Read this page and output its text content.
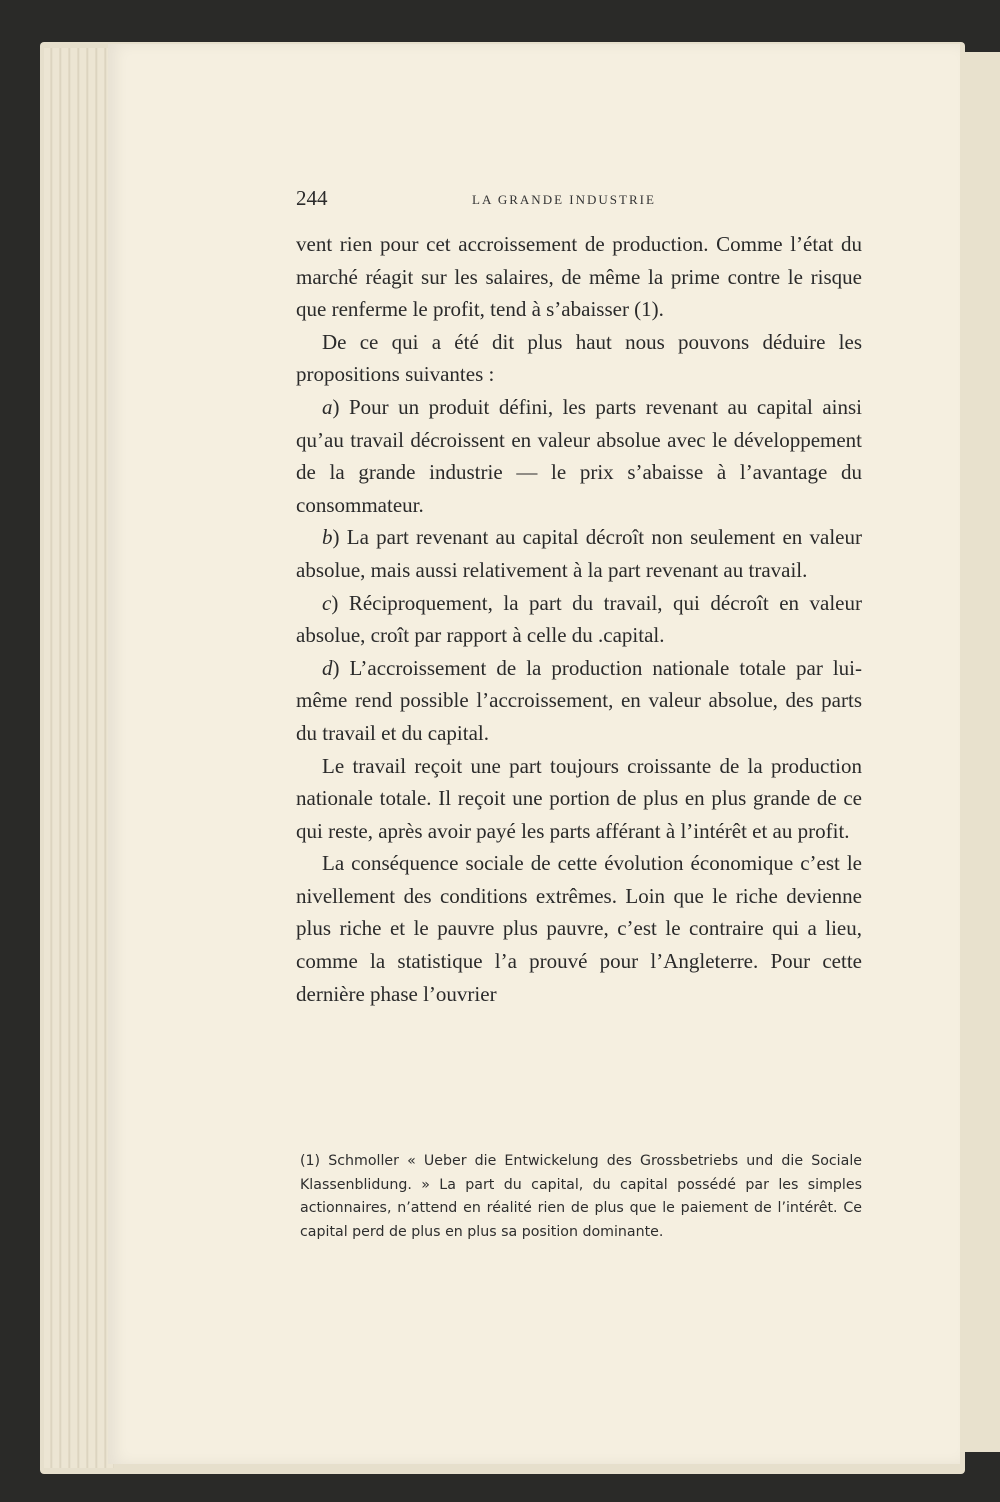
244	LA GRANDE INDUSTRIE

vent rien pour cet accroissement de production. Comme l’état du marché réagit sur les salaires, de même la prime contre le risque que renferme le profit, tend à s’abaisser (1).

De ce qui a été dit plus haut nous pouvons déduire les propositions suivantes :

a) Pour un produit défini, les parts revenant au capital ainsi qu’au travail décroissent en valeur absolue avec le développement de la grande industrie — le prix s’abaisse à l’avantage du consommateur.

b) La part revenant au capital décroît non seulement en valeur absolue, mais aussi relativement à la part revenant au travail.

c) Réciproquement, la part du travail, qui décroît en valeur absolue, croît par rapport à celle du .capital.

d) L’accroissement de la production nationale totale par lui-même rend possible l’accroissement, en valeur absolue, des parts du travail et du capital.

Le travail reçoit une part toujours croissante de la production nationale totale. Il reçoit une portion de plus en plus grande de ce qui reste, après avoir payé les parts afférant à l’intérêt et au profit.

La conséquence sociale de cette évolution économique c’est le nivellement des conditions extrêmes. Loin que le riche devienne plus riche et le pauvre plus pauvre, c’est le contraire qui a lieu, comme la statistique l’a prouvé pour l’Angleterre. Pour cette dernière phase l’ouvrier

(1) Schmoller « Ueber die Entwickelung des Grossbetriebs und die Sociale Klassenblidung. » La part du capital, du capital possédé par les simples actionnaires, n’attend en réalité rien de plus que le paiement de l’intérêt. Ce capital perd de plus en plus sa position dominante.
